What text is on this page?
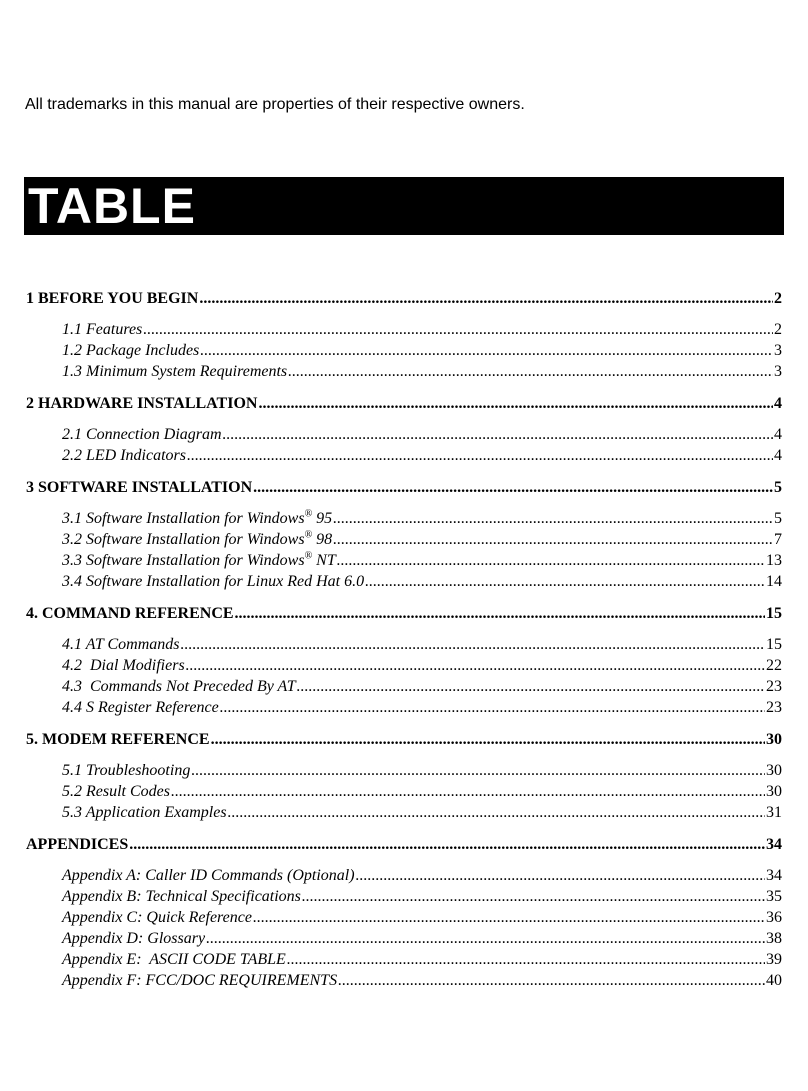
All trademarks in this manual are properties of their respective owners.
TABLE
1 BEFORE YOU BEGIN .....	2
1.1 Features .....	2
1.2 Package Includes .....	3
1.3 Minimum System Requirements .....	3
2 HARDWARE INSTALLATION .....	4
2.1 Connection Diagram .....	4
2.2 LED Indicators .....	4
3 SOFTWARE INSTALLATION .....	5
3.1 Software Installation for Windows® 95 .....	5
3.2 Software Installation for Windows® 98 .....	7
3.3 Software Installation for Windows® NT .....	13
3.4 Software Installation for Linux Red Hat 6.0 .....	14
4. COMMAND REFERENCE .....	15
4.1 AT Commands .....	15
4.2  Dial Modifiers .....	22
4.3  Commands Not Preceded By AT .....	23
4.4 S Register Reference .....	23
5. MODEM REFERENCE .....	30
5.1 Troubleshooting .....	30
5.2 Result Codes .....	30
5.3 Application Examples .....	31
APPENDICES .....	34
Appendix A: Caller ID Commands (Optional) .....	34
Appendix B: Technical Specifications .....	35
Appendix C: Quick Reference .....	36
Appendix D: Glossary .....	38
Appendix E:  ASCII CODE TABLE .....	39
Appendix F: FCC/DOC REQUIREMENTS .....	40
